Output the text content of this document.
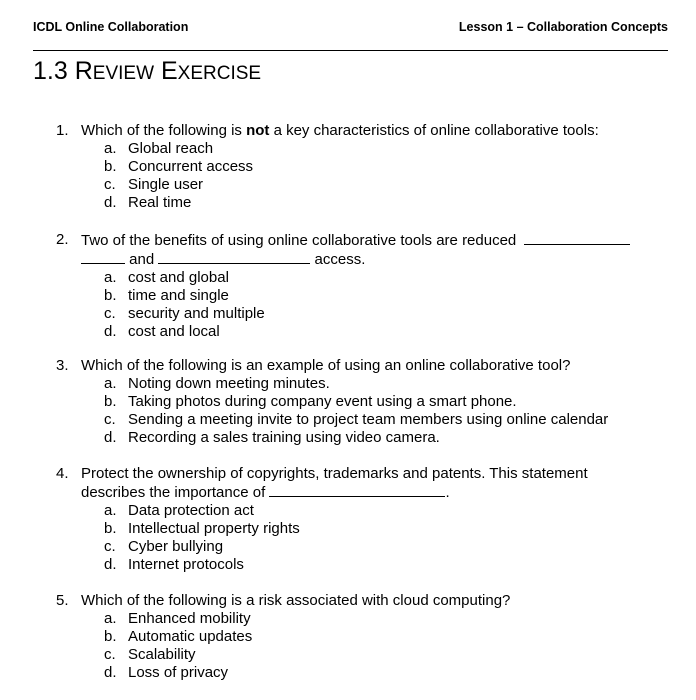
ICDL Online Collaboration	Lesson 1 – Collaboration Concepts
1.3 REVIEW EXERCISE
1. Which of the following is not a key characteristics of online collaborative tools:
a. Global reach
b. Concurrent access
c. Single user
d. Real time
2. Two of the benefits of using online collaborative tools are reduced
and	access.
a. cost and global
b. time and single
c. security and multiple
d. cost and local
3. Which of the following is an example of using an online collaborative tool?
a. Noting down meeting minutes.
b. Taking photos during company event using a smart phone.
c. Sending a meeting invite to project team members using online calendar
d. Recording a sales training using video camera.
4. Protect the ownership of copyrights, trademarks and patents. This statement
describes the importance of	.
a. Data protection act
b. Intellectual property rights
c. Cyber bullying
d. Internet protocols
5. Which of the following is a risk associated with cloud computing?
a. Enhanced mobility
b. Automatic updates
c. Scalability
d. Loss of privacy
